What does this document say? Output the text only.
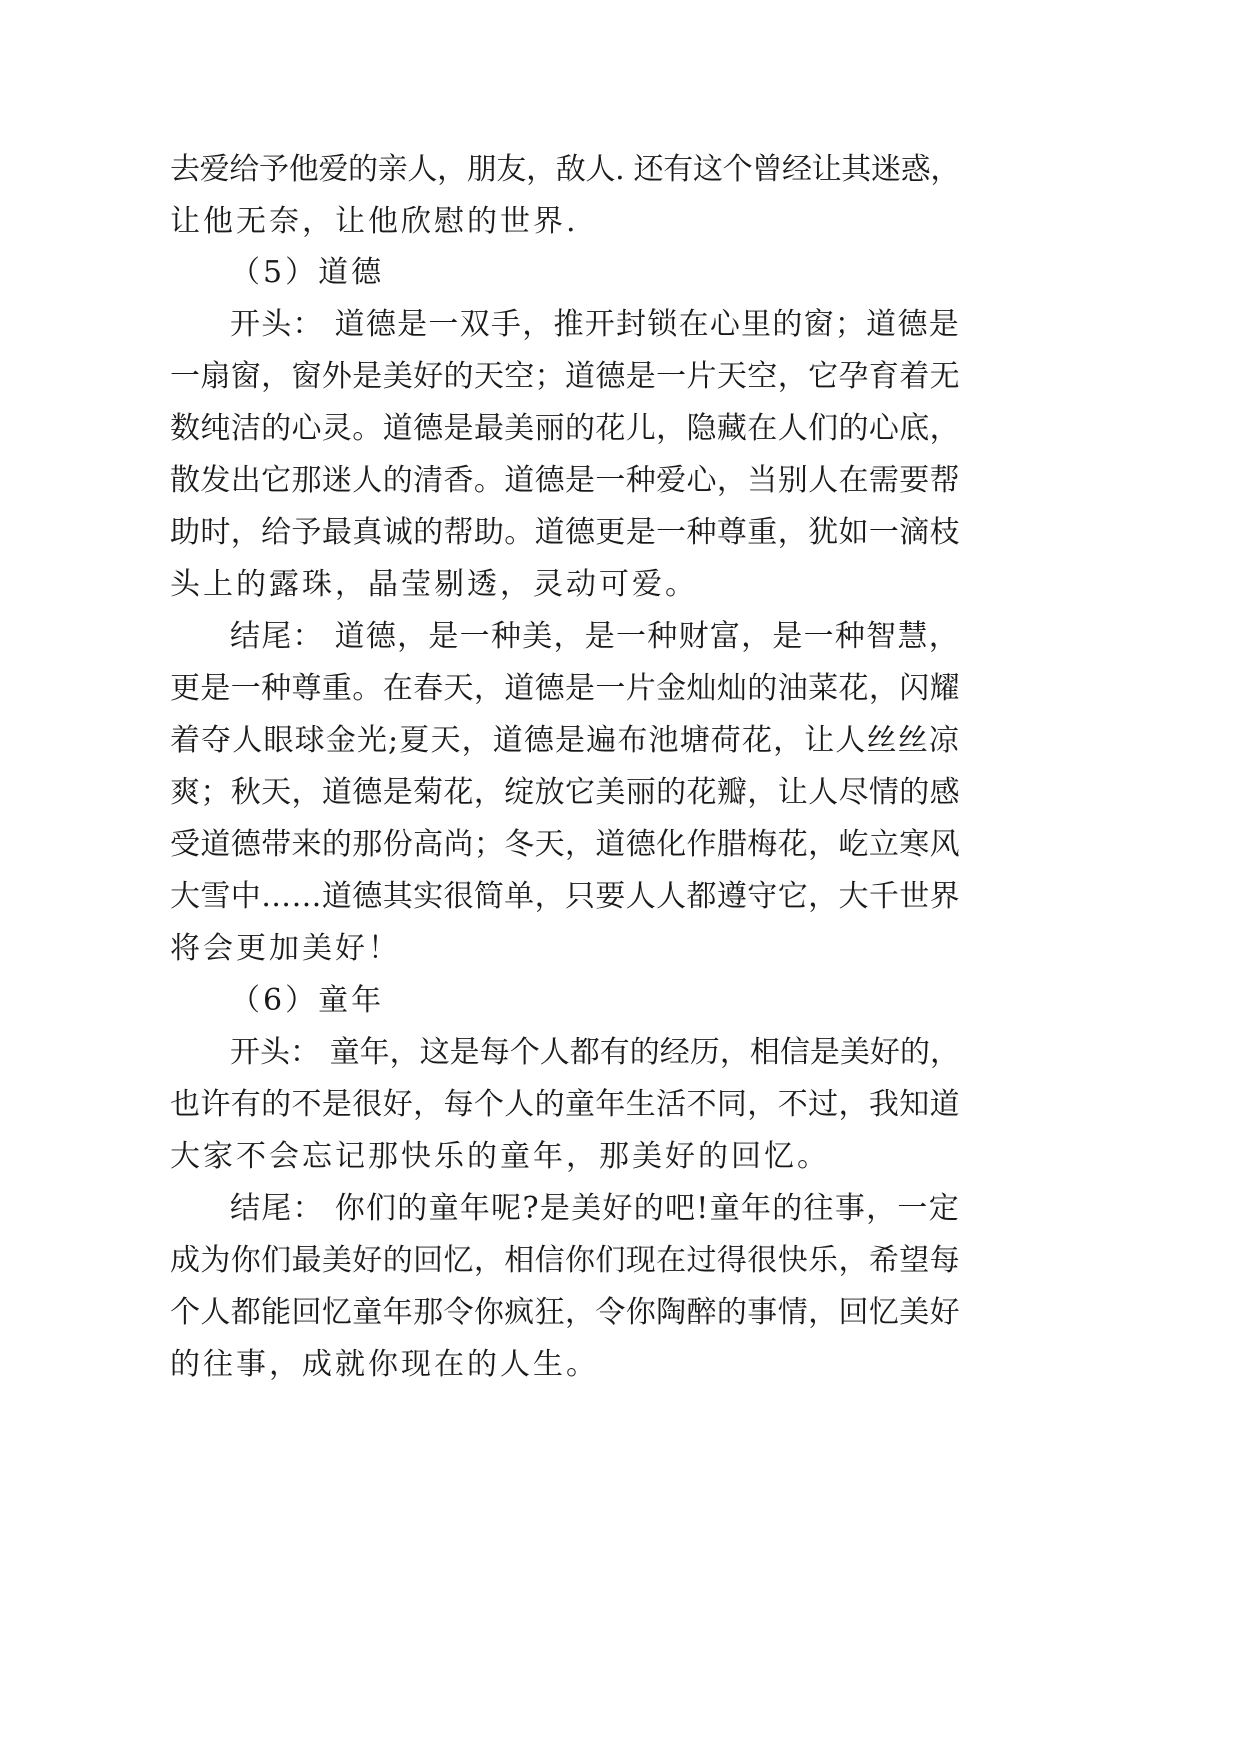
去爱给予他爱的亲人，朋友，敌人. 还有这个曾经让其迷惑，
让他无奈，让他欣慰的世界.
（5）道德
开头： 道德是一双手，推开封锁在心里的窗；道德是
一扇窗，窗外是美好的天空；道德是一片天空，它孕育着无
数纯洁的心灵。道德是最美丽的花儿，隐藏在人们的心底，
散发出它那迷人的清香。道德是一种爱心，当别人在需要帮
助时，给予最真诚的帮助。道德更是一种尊重，犹如一滴枝
头上的露珠，晶莹剔透，灵动可爱。
结尾： 道德，是一种美，是一种财富，是一种智慧，
更是一种尊重。在春天，道德是一片金灿灿的油菜花，闪耀
着夺人眼球金光;夏天，道德是遍布池塘荷花，让人丝丝凉
爽；秋天，道德是菊花，绽放它美丽的花瓣，让人尽情的感
受道德带来的那份高尚；冬天，道德化作腊梅花，屹立寒风
大雪中……道德其实很简单，只要人人都遵守它，大千世界
将会更加美好！
（6）童年
开头： 童年，这是每个人都有的经历，相信是美好的，
也许有的不是很好，每个人的童年生活不同，不过，我知道
大家不会忘记那快乐的童年，那美好的回忆。
结尾： 你们的童年呢?是美好的吧!童年的往事，一定
成为你们最美好的回忆，相信你们现在过得很快乐，希望每
个人都能回忆童年那令你疯狂，令你陶醉的事情，回忆美好
的往事，成就你现在的人生。
